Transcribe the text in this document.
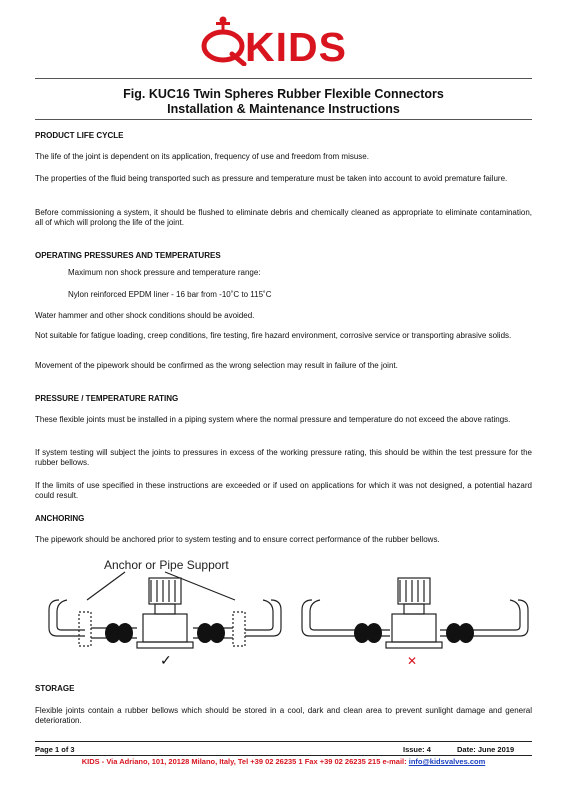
KIDS
Fig. KUC16 Twin Spheres Rubber Flexible Connectors
Installation & Maintenance Instructions
PRODUCT LIFE CYCLE
The life of the joint is dependent on its application, frequency of use and freedom from misuse.
The properties of the fluid being transported such as pressure and temperature must be taken into account to avoid premature failure.
Before commissioning a system, it should be flushed to eliminate debris and chemically cleaned as appropriate to eliminate contamination, all of which will prolong the life of the joint.
OPERATING PRESSURES AND TEMPERATURES
Maximum non shock pressure and temperature range:
Nylon reinforced EPDM liner - 16 bar from -10˚C to 115˚C
Water hammer and other shock conditions should be avoided.
Not suitable for fatigue loading, creep conditions, fire testing, fire hazard environment, corrosive service or transporting abrasive solids.
Movement of the pipework should be confirmed as the wrong selection may result in failure of the joint.
PRESSURE / TEMPERATURE RATING
These flexible joints must be installed in a piping system where the normal pressure and temperature do not exceed the above ratings.
If system testing will subject the joints to pressures in excess of the working pressure rating, this should be within the test pressure for the rubber bellows.
If the limits of use specified in these instructions are exceeded or if used on applications for which it was not designed, a potential hazard could result.
ANCHORING
The pipework should be anchored prior to system testing and to ensure correct performance of the rubber bellows.
Anchor or Pipe Support
✓	✕
STORAGE
Flexible joints contain a rubber bellows which should be stored in a cool, dark and clean area to prevent sunlight damage and general deterioration.
Page 1 of 3	Issue: 4	Date: June 2019
KIDS - Via Adriano, 101, 20128 Milano, Italy, Tel +39 02 26235 1 Fax +39 02 26235 215 e-mail: info@kidsvalves.com
